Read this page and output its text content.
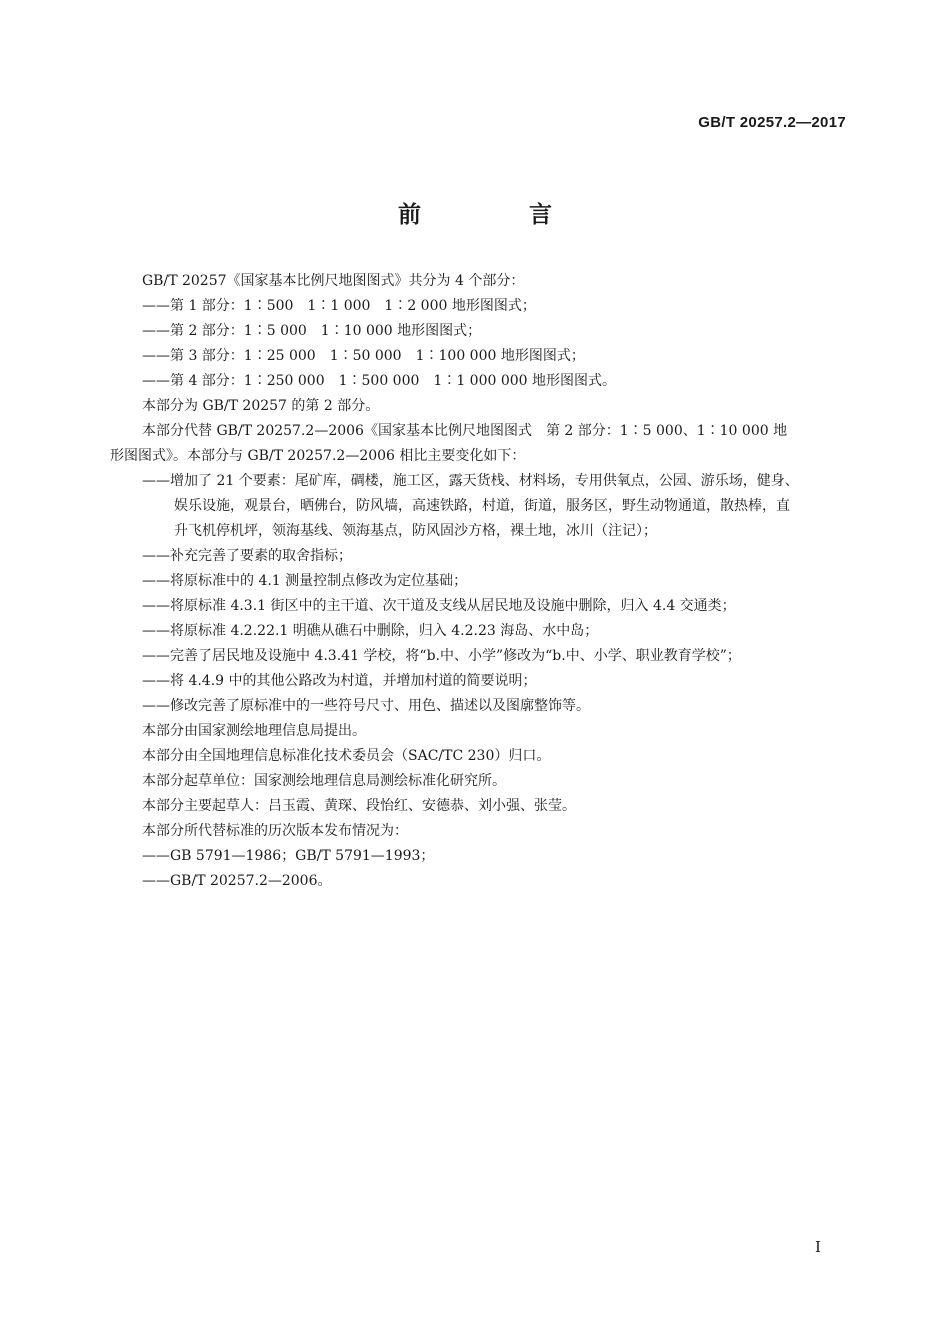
GB/T 20257.2—2017
前 言
GB/T 20257《国家基本比例尺地图图式》共分为 4 个部分：
——第 1 部分：1∶500　1∶1 000　1∶2 000 地形图图式；
——第 2 部分：1∶5 000　1∶10 000 地形图图式；
——第 3 部分：1∶25 000　1∶50 000　1∶100 000 地形图图式；
——第 4 部分：1∶250 000　1∶500 000　1∶1 000 000 地形图图式。
本部分为 GB/T 20257 的第 2 部分。
本部分代替 GB/T 20257.2—2006《国家基本比例尺地图图式　第 2 部分：1∶5 000、1∶10 000 地
形图图式》。本部分与 GB/T 20257.2—2006 相比主要变化如下：
——增加了 21 个要素：尾矿库，碉楼，施工区，露天货栈、材料场，专用供氧点，公园、游乐场，健身、
娱乐设施，观景台，晒佛台，防风墙，高速铁路，村道，街道，服务区，野生动物通道，散热棒，直
升飞机停机坪，领海基线、领海基点，防风固沙方格，裸土地，冰川（注记）；
——补充完善了要素的取舍指标；
——将原标准中的 4.1 测量控制点修改为定位基础；
——将原标准 4.3.1 街区中的主干道、次干道及支线从居民地及设施中删除，归入 4.4 交通类；
——将原标准 4.2.22.1 明礁从礁石中删除，归入 4.2.23 海岛、水中岛；
——完善了居民地及设施中 4.3.41 学校，将“b.中、小学”修改为“b.中、小学、职业教育学校”；
——将 4.4.9 中的其他公路改为村道，并增加村道的简要说明；
——修改完善了原标准中的一些符号尺寸、用色、描述以及图廓整饰等。
本部分由国家测绘地理信息局提出。
本部分由全国地理信息标准化技术委员会（SAC/TC 230）归口。
本部分起草单位：国家测绘地理信息局测绘标准化研究所。
本部分主要起草人：吕玉霞、黄琛、段怡红、安德恭、刘小强、张莹。
本部分所代替标准的历次版本发布情况为：
——GB 5791—1986；GB/T 5791—1993；
——GB/T 20257.2—2006。
I
